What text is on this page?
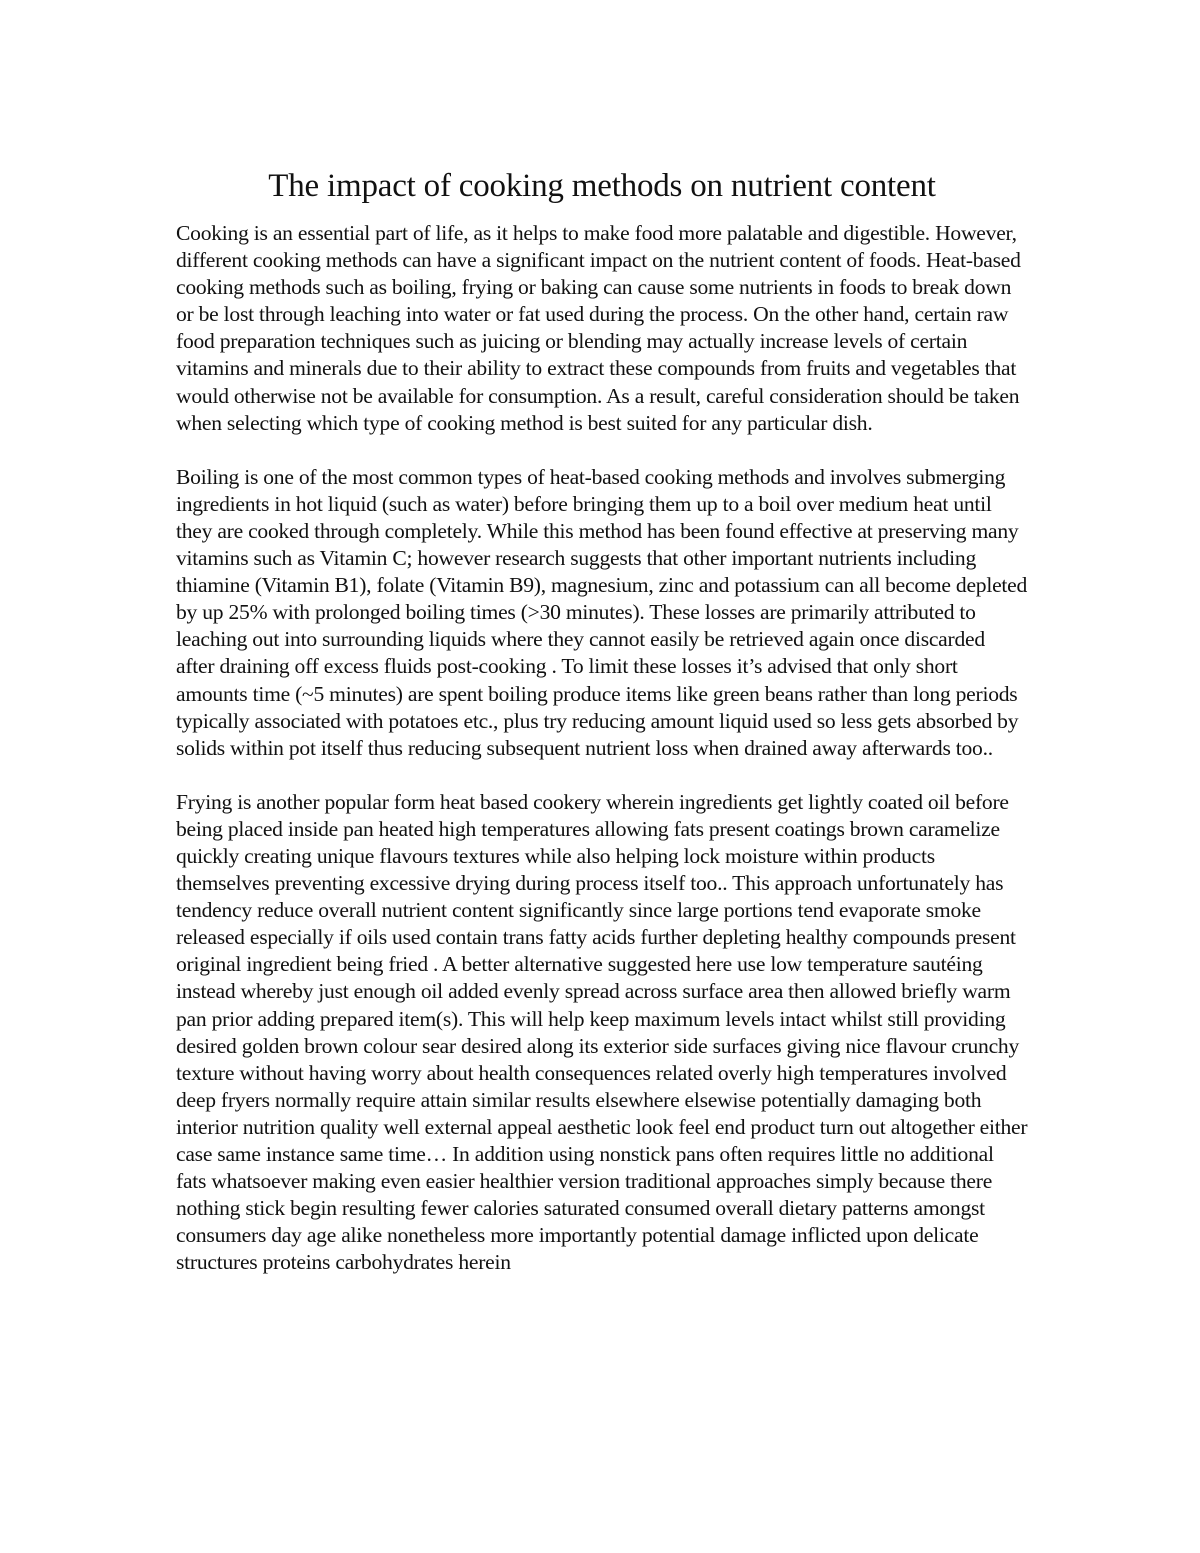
The impact of cooking methods on nutrient content

Cooking is an essential part of life, as it helps to make food more palatable and digestible. However, different cooking methods can have a significant impact on the nutrient content of foods. Heat-based cooking methods such as boiling, frying or baking can cause some nutrients in foods to break down or be lost through leaching into water or fat used during the process. On the other hand, certain raw food preparation techniques such as juicing or blending may actually increase levels of certain vitamins and minerals due to their ability to extract these compounds from fruits and vegetables that would otherwise not be available for consumption. As a result, careful consideration should be taken when selecting which type of cooking method is best suited for any particular dish.

Boiling is one of the most common types of heat-based cooking methods and involves submerging ingredients in hot liquid (such as water) before bringing them up to a boil over medium heat until they are cooked through completely. While this method has been found effective at preserving many vitamins such as Vitamin C; however research suggests that other important nutrients including thiamine (Vitamin B1), folate (Vitamin B9), magnesium, zinc and potassium can all become depleted by up 25% with prolonged boiling times (>30 minutes). These losses are primarily attributed to leaching out into surrounding liquids where they cannot easily be retrieved again once discarded after draining off excess fluids post-cooking . To limit these losses it’s advised that only short amounts time (~5 minutes) are spent boiling produce items like green beans rather than long periods typically associated with potatoes etc., plus try reducing amount liquid used so less gets absorbed by solids within pot itself thus reducing subsequent nutrient loss when drained away afterwards too..

Frying is another popular form heat based cookery wherein ingredients get lightly coated oil before being placed inside pan heated high temperatures allowing fats present coatings brown caramelize quickly creating unique flavours textures while also helping lock moisture within products themselves preventing excessive drying during process itself too.. This approach unfortunately has tendency reduce overall nutrient content significantly since large portions tend evaporate smoke released especially if oils used contain trans fatty acids further depleting healthy compounds present original ingredient being fried . A better alternative suggested here use low temperature sautéing instead whereby just enough oil added evenly spread across surface area then allowed briefly warm pan prior adding prepared item(s). This will help keep maximum levels intact whilst still providing desired golden brown colour sear desired along its exterior side surfaces giving nice flavour crunchy texture without having worry about health consequences related overly high temperatures involved deep fryers normally require attain similar results elsewhere elsewise potentially damaging both interior nutrition quality well external appeal aesthetic look feel end product turn out altogether either case same instance same time… In addition using nonstick pans often requires little no additional fats whatsoever making even easier healthier version traditional approaches simply because there nothing stick begin resulting fewer calories saturated consumed overall dietary patterns amongst consumers day age alike nonetheless more importantly potential damage inflicted upon delicate structures proteins carbohydrates herein
